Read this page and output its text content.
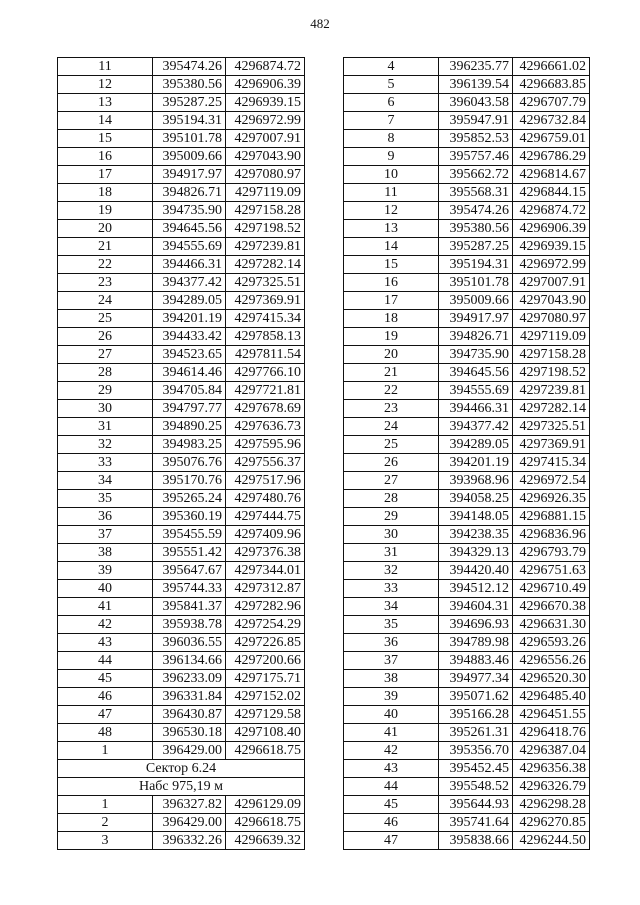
482
11	395474.26	4296874.72
12	395380.56	4296906.39
13	395287.25	4296939.15
14	395194.31	4296972.99
15	395101.78	4297007.91
16	395009.66	4297043.90
17	394917.97	4297080.97
18	394826.71	4297119.09
19	394735.90	4297158.28
20	394645.56	4297198.52
21	394555.69	4297239.81
22	394466.31	4297282.14
23	394377.42	4297325.51
24	394289.05	4297369.91
25	394201.19	4297415.34
26	394433.42	4297858.13
27	394523.65	4297811.54
28	394614.46	4297766.10
29	394705.84	4297721.81
30	394797.77	4297678.69
31	394890.25	4297636.73
32	394983.25	4297595.96
33	395076.76	4297556.37
34	395170.76	4297517.96
35	395265.24	4297480.76
36	395360.19	4297444.75
37	395455.59	4297409.96
38	395551.42	4297376.38
39	395647.67	4297344.01
40	395744.33	4297312.87
41	395841.37	4297282.96
42	395938.78	4297254.29
43	396036.55	4297226.85
44	396134.66	4297200.66
45	396233.09	4297175.71
46	396331.84	4297152.02
47	396430.87	4297129.58
48	396530.18	4297108.40
1	396429.00	4296618.75
Сектор 6.24		
Набс 975,19 м		
1	396327.82	4296129.09
2	396429.00	4296618.75
3	396332.26	4296639.32
4	396235.77	4296661.02
5	396139.54	4296683.85
6	396043.58	4296707.79
7	395947.91	4296732.84
8	395852.53	4296759.01
9	395757.46	4296786.29
10	395662.72	4296814.67
11	395568.31	4296844.15
12	395474.26	4296874.72
13	395380.56	4296906.39
14	395287.25	4296939.15
15	395194.31	4296972.99
16	395101.78	4297007.91
17	395009.66	4297043.90
18	394917.97	4297080.97
19	394826.71	4297119.09
20	394735.90	4297158.28
21	394645.56	4297198.52
22	394555.69	4297239.81
23	394466.31	4297282.14
24	394377.42	4297325.51
25	394289.05	4297369.91
26	394201.19	4297415.34
27	393968.96	4296972.54
28	394058.25	4296926.35
29	394148.05	4296881.15
30	394238.35	4296836.96
31	394329.13	4296793.79
32	394420.40	4296751.63
33	394512.12	4296710.49
34	394604.31	4296670.38
35	394696.93	4296631.30
36	394789.98	4296593.26
37	394883.46	4296556.26
38	394977.34	4296520.30
39	395071.62	4296485.40
40	395166.28	4296451.55
41	395261.31	4296418.76
42	395356.70	4296387.04
43	395452.45	4296356.38
44	395548.52	4296326.79
45	395644.93	4296298.28
46	395741.64	4296270.85
47	395838.66	4296244.50
